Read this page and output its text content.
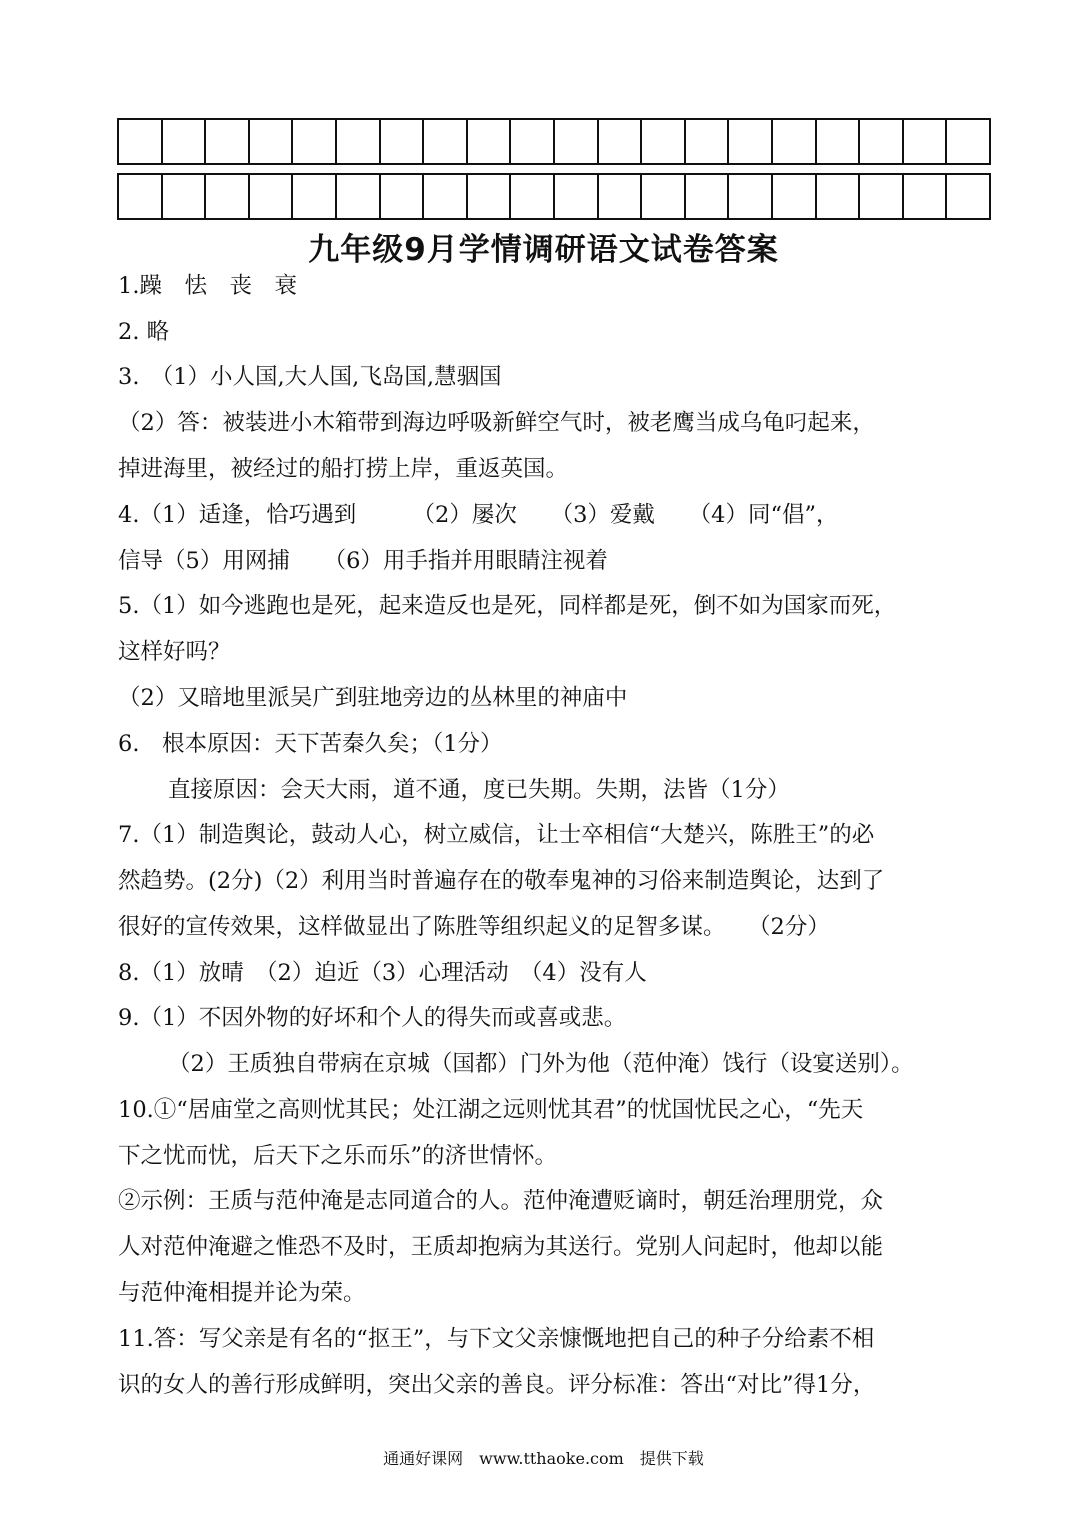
九年级9月学情调研语文试卷答案
1.躁　怯　丧　衰
2. 略
3.　（1）小人国,大人国,飞岛国,慧骃国
（2）答：被装进小木箱带到海边呼吸新鲜空气时，被老鹰当成乌龟叼起来，
掉进海里，被经过的船打捞上岸，重返英国。
4.（1）适逢，恰巧遇到　　　（2）屡次　　（3）爱戴　　（4）同“倡”，
信导（5）用网捕　　（6）用手指并用眼睛注视着
5.（1）如今逃跑也是死，起来造反也是死，同样都是死，倒不如为国家而死，
这样好吗？
（2）又暗地里派吴广到驻地旁边的丛林里的神庙中
6.　根本原因：天下苦秦久矣；（1分）
直接原因：会天大雨，道不通，度已失期。失期，法皆（1分）
7.（1）制造舆论，鼓动人心，树立威信，让士卒相信“大楚兴，陈胜王”的必
然趋势。(2分)（2）利用当时普遍存在的敬奉鬼神的习俗来制造舆论，达到了
很好的宣传效果，这样做显出了陈胜等组织起义的足智多谋。　　（2分）
8.（1）放晴　（2）迫近（3）心理活动　（4）没有人
9.（1）不因外物的好坏和个人的得失而或喜或悲。
（2）王质独自带病在京城（国都）门外为他（范仲淹）饯行（设宴送别）。
10.①“居庙堂之高则忧其民；处江湖之远则忧其君”的忧国忧民之心，“先天
下之忧而忧，后天下之乐而乐”的济世情怀。
②示例：王质与范仲淹是志同道合的人。范仲淹遭贬谪时，朝廷治理朋党，众
人对范仲淹避之惟恐不及时，王质却抱病为其送行。党别人问起时，他却以能
与范仲淹相提并论为荣。
11.答：写父亲是有名的“抠王”，与下文父亲慷慨地把自己的种子分给素不相
识的女人的善行形成鲜明，突出父亲的善良。评分标准：答出“对比”得1分，
通通好课网　www.tthaoke.com　提供下载
